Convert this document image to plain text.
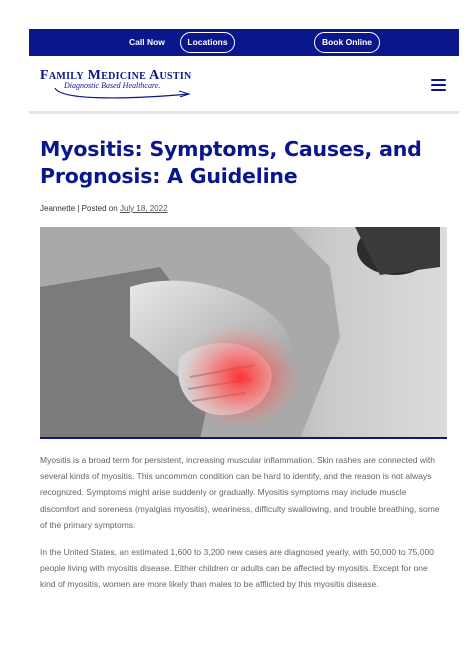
Call Now	Locations	Book Online
Family Medicine Austin
Diagnostic Based Healthcare.
Myositis: Symptoms, Causes, and Prognosis: A Guideline
Jeannette | Posted on July 18, 2022

Myositis is a broad term for persistent, increasing muscular inflammation. Skin rashes are connected with several kinds of myositis. This uncommon condition can be hard to identify, and the reason is not always recognized. Symptoms might arise suddenly or gradually. Myositis symptoms may include muscle discomfort and soreness (myalgias myositis), weariness, difficulty swallowing, and trouble breathing, some of the primary symptoms.

In the United States, an estimated 1,600 to 3,200 new cases are diagnosed yearly, with 50,000 to 75,000 people living with myositis disease. Either children or adults can be affected by myositis. Except for one kind of myositis, women are more likely than males to be afflicted by this myositis disease.
